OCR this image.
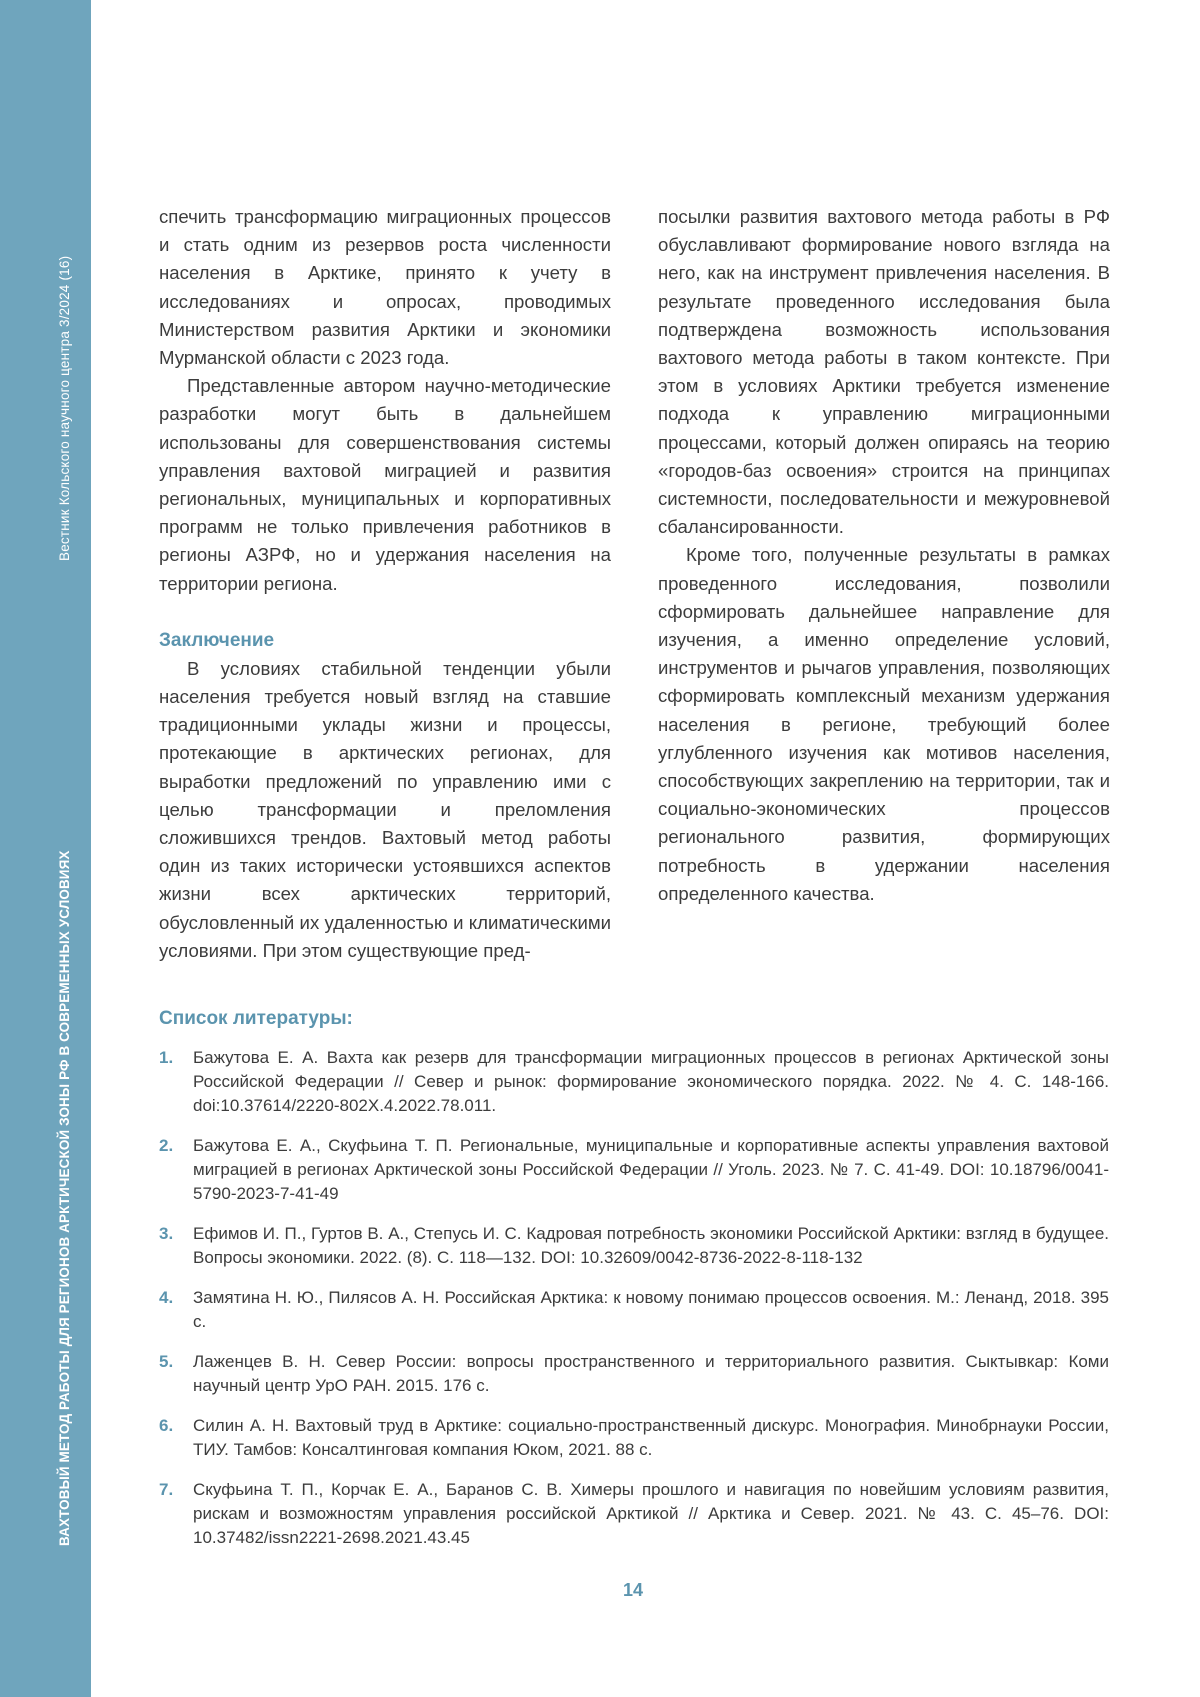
Вестник Кольского научного центра 3/2024 (16)
ВАХТОВЫЙ МЕТОД РАБОТЫ ДЛЯ РЕГИОНОВ АРКТИЧЕСКОЙ ЗОНЫ РФ В СОВРЕМЕННЫХ УСЛОВИЯХ

спечить трансформацию миграционных процессов и стать одним из резервов роста численности населения в Арктике, принято к учету в исследованиях и опросах, проводимых Министерством развития Арктики и экономики Мурманской области с 2023 года.

Представленные автором научно-методические разработки могут быть в дальнейшем использованы для совершенствования системы управления вахтовой миграцией и развития региональных, муниципальных и корпоративных программ не только привлечения работников в регионы АЗРФ, но и удержания населения на территории региона.

Заключение

В условиях стабильной тенденции убыли населения требуется новый взгляд на ставшие традиционными уклады жизни и процессы, протекающие в арктических регионах, для выработки предложений по управлению ими с целью трансформации и преломления сложившихся трендов. Вахтовый метод работы один из таких исторически устоявшихся аспектов жизни всех арктических территорий, обусловленный их удаленностью и климатическими условиями. При этом существующие пред-

посылки развития вахтового метода работы в РФ обуславливают формирование нового взгляда на него, как на инструмент привлечения населения. В результате проведенного исследования была подтверждена возможность использования вахтового метода работы в таком контексте. При этом в условиях Арктики требуется изменение подхода к управлению миграционными процессами, который должен опираясь на теорию «городов-баз освоения» строится на принципах системности, последовательности и межуровневой сбалансированности.

Кроме того, полученные результаты в рамках проведенного исследования, позволили сформировать дальнейшее направление для изучения, а именно определение условий, инструментов и рычагов управления, позволяющих сформировать комплексный механизм удержания населения в регионе, требующий более углубленного изучения как мотивов населения, способствующих закреплению на территории, так и социально-экономических процессов регионального развития, формирующих потребность в удержании населения определенного качества.

Список литературы:
1.	Бажутова Е. А. Вахта как резерв для трансформации миграционных процессов в регионах Арктической зоны Российской Федерации // Север и рынок: формирование экономического порядка. 2022. № 4. С. 148-166. doi:10.37614/2220-802X.4.2022.78.011.
2.	Бажутова Е. А., Скуфьина Т. П. Региональные, муниципальные и корпоративные аспекты управления вахтовой миграцией в регионах Арктической зоны Российской Федерации // Уголь. 2023. № 7. С. 41-49. DOI: 10.18796/0041-5790-2023-7-41-49
3.	Ефимов И. П., Гуртов В. А., Степусь И. С. Кадровая потребность экономики Российской Арктики: взгляд в будущее. Вопросы экономики. 2022. (8). С. 118—132. DOI: 10.32609/0042-8736-2022-8-118-132
4.	Замятина Н. Ю., Пилясов А. Н. Российская Арктика: к новому понимаю процессов освоения. М.: Ленанд, 2018. 395 с.
5.	Лаженцев В. Н. Север России: вопросы пространственного и территориального развития. Сыктывкар: Коми научный центр УрО РАН. 2015. 176 с.
6.	Силин А. Н. Вахтовый труд в Арктике: социально-пространственный дискурс. Монография. Минобрнауки России, ТИУ. Тамбов: Консалтинговая компания Юком, 2021. 88 с.
7.	Скуфьина Т. П., Корчак Е. А., Баранов С. В. Химеры прошлого и навигация по новейшим условиям развития, рискам и возможностям управления российской Арктикой // Арктика и Север. 2021. № 43. С. 45–76. DOI: 10.37482/issn2221-2698.2021.43.45
14
